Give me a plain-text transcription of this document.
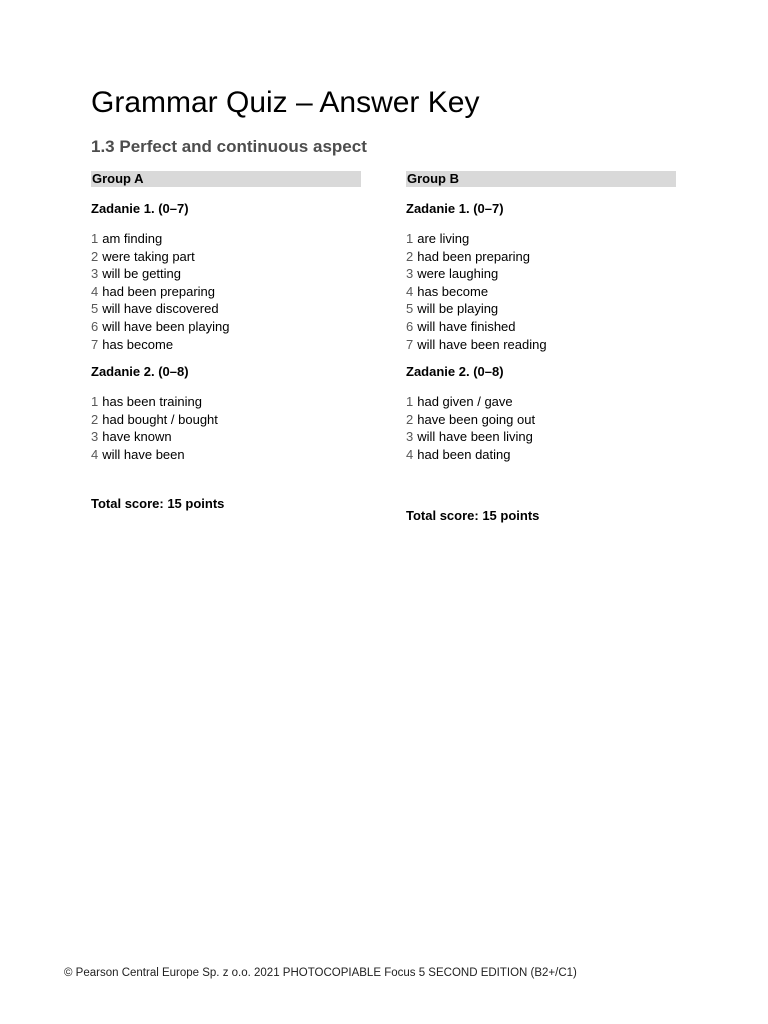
Grammar Quiz – Answer Key
1.3 Perfect and continuous aspect
Group A
Zadanie 1. (0–7)
1 am finding
2 were taking part
3 will be getting
4 had been preparing
5 will have discovered
6 will have been playing
7 has become
Zadanie 2. (0–8)
1 has been training
2 had bought / bought
3 have known
4 will have been
Group B
Zadanie 1. (0–7)
1 are living
2 had been preparing
3 were laughing
4 has become
5 will be playing
6 will have finished
7 will have been reading
Zadanie 2. (0–8)
1 had given / gave
2 have been going out
3 will have been living
4 had been dating
Total score: 15 points
Total score: 15 points
© Pearson Central Europe Sp. z o.o. 2021 PHOTOCOPIABLE Focus 5 SECOND EDITION (B2+/C1)
